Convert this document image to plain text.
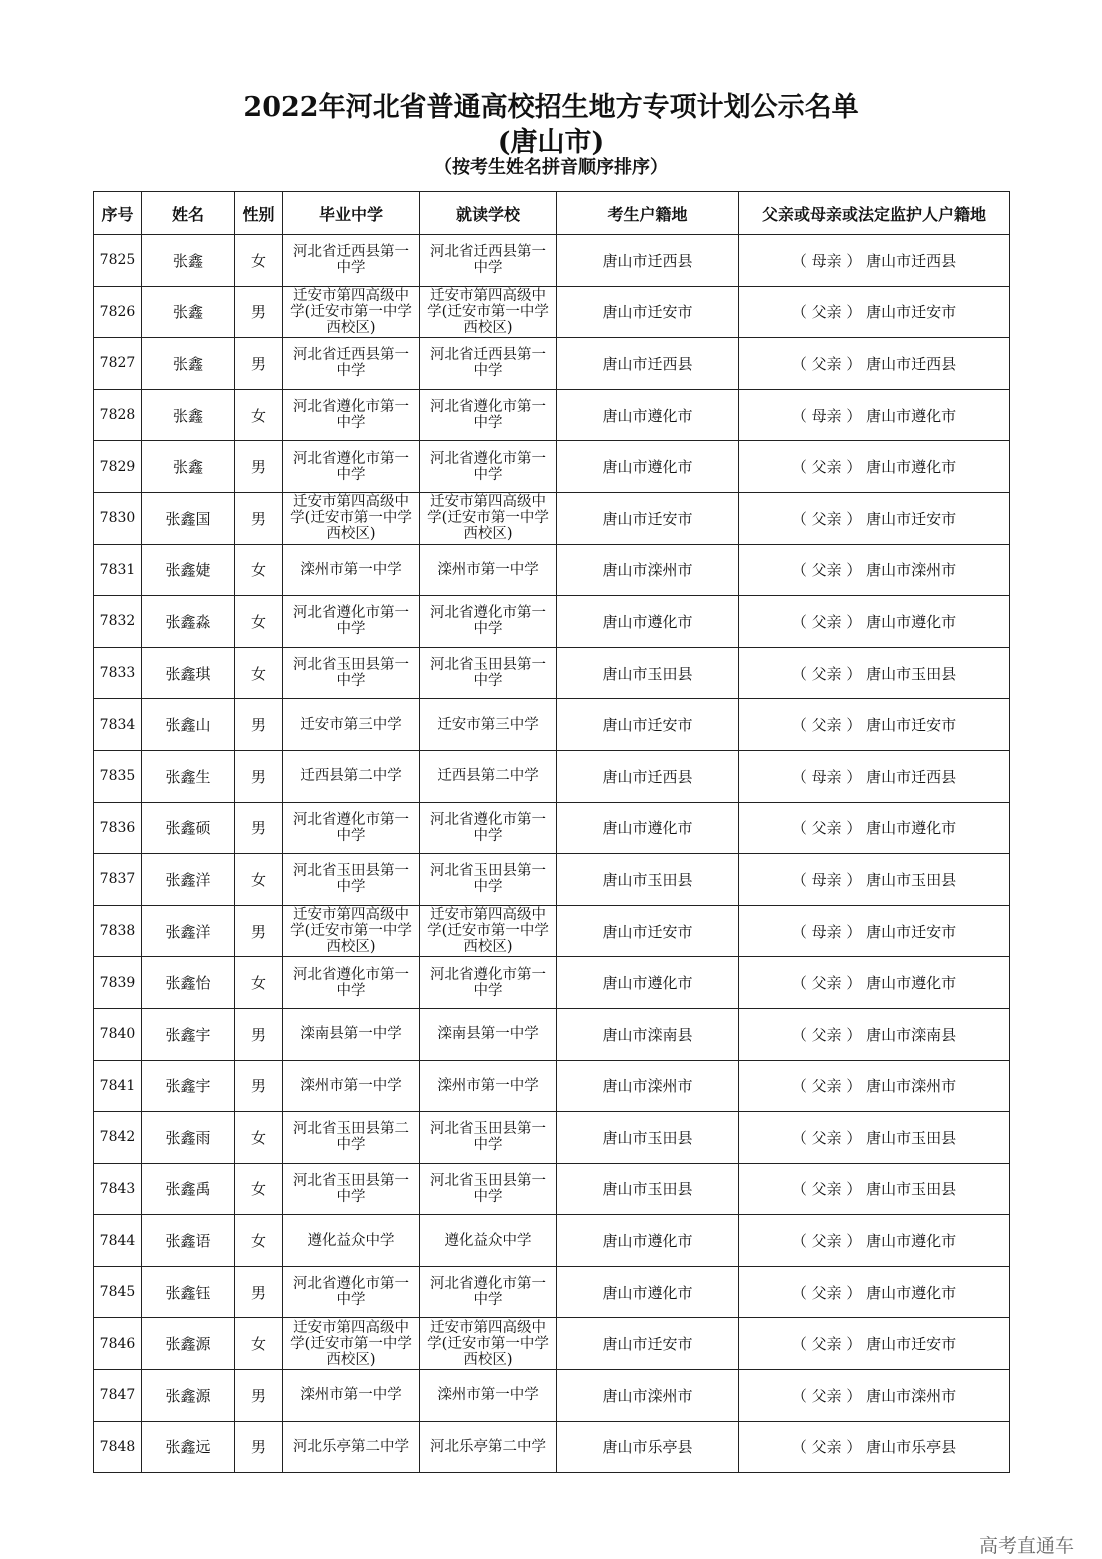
2022年河北省普通高校招生地方专项计划公示名单
(唐山市)
（按考生姓名拼音顺序排序）
序号	姓名	性别	毕业中学	就读学校	考生户籍地	父亲或母亲或法定监护人户籍地
7825	张鑫	女	河北省迁西县第一中学	河北省迁西县第一中学	唐山市迁西县	（ 母亲 ） 唐山市迁西县
7826	张鑫	男	迁安市第四高级中学(迁安市第一中学西校区)	迁安市第四高级中学(迁安市第一中学西校区)	唐山市迁安市	（ 父亲 ） 唐山市迁安市
7827	张鑫	男	河北省迁西县第一中学	河北省迁西县第一中学	唐山市迁西县	（ 父亲 ） 唐山市迁西县
7828	张鑫	女	河北省遵化市第一中学	河北省遵化市第一中学	唐山市遵化市	（ 母亲 ） 唐山市遵化市
7829	张鑫	男	河北省遵化市第一中学	河北省遵化市第一中学	唐山市遵化市	（ 父亲 ） 唐山市遵化市
7830	张鑫国	男	迁安市第四高级中学(迁安市第一中学西校区)	迁安市第四高级中学(迁安市第一中学西校区)	唐山市迁安市	（ 父亲 ） 唐山市迁安市
7831	张鑫婕	女	滦州市第一中学	滦州市第一中学	唐山市滦州市	（ 父亲 ） 唐山市滦州市
7832	张鑫淼	女	河北省遵化市第一中学	河北省遵化市第一中学	唐山市遵化市	（ 父亲 ） 唐山市遵化市
7833	张鑫琪	女	河北省玉田县第一中学	河北省玉田县第一中学	唐山市玉田县	（ 父亲 ） 唐山市玉田县
7834	张鑫山	男	迁安市第三中学	迁安市第三中学	唐山市迁安市	（ 父亲 ） 唐山市迁安市
7835	张鑫生	男	迁西县第二中学	迁西县第二中学	唐山市迁西县	（ 母亲 ） 唐山市迁西县
7836	张鑫硕	男	河北省遵化市第一中学	河北省遵化市第一中学	唐山市遵化市	（ 父亲 ） 唐山市遵化市
7837	张鑫洋	女	河北省玉田县第一中学	河北省玉田县第一中学	唐山市玉田县	（ 母亲 ） 唐山市玉田县
7838	张鑫洋	男	迁安市第四高级中学(迁安市第一中学西校区)	迁安市第四高级中学(迁安市第一中学西校区)	唐山市迁安市	（ 母亲 ） 唐山市迁安市
7839	张鑫怡	女	河北省遵化市第一中学	河北省遵化市第一中学	唐山市遵化市	（ 父亲 ） 唐山市遵化市
7840	张鑫宇	男	滦南县第一中学	滦南县第一中学	唐山市滦南县	（ 父亲 ） 唐山市滦南县
7841	张鑫宇	男	滦州市第一中学	滦州市第一中学	唐山市滦州市	（ 父亲 ） 唐山市滦州市
7842	张鑫雨	女	河北省玉田县第二中学	河北省玉田县第一中学	唐山市玉田县	（ 父亲 ） 唐山市玉田县
7843	张鑫禹	女	河北省玉田县第一中学	河北省玉田县第一中学	唐山市玉田县	（ 父亲 ） 唐山市玉田县
7844	张鑫语	女	遵化益众中学	遵化益众中学	唐山市遵化市	（ 父亲 ） 唐山市遵化市
7845	张鑫钰	男	河北省遵化市第一中学	河北省遵化市第一中学	唐山市遵化市	（ 父亲 ） 唐山市遵化市
7846	张鑫源	女	迁安市第四高级中学(迁安市第一中学西校区)	迁安市第四高级中学(迁安市第一中学西校区)	唐山市迁安市	（ 父亲 ） 唐山市迁安市
7847	张鑫源	男	滦州市第一中学	滦州市第一中学	唐山市滦州市	（ 父亲 ） 唐山市滦州市
7848	张鑫远	男	河北乐亭第二中学	河北乐亭第二中学	唐山市乐亭县	（ 父亲 ） 唐山市乐亭县
高考直通车
